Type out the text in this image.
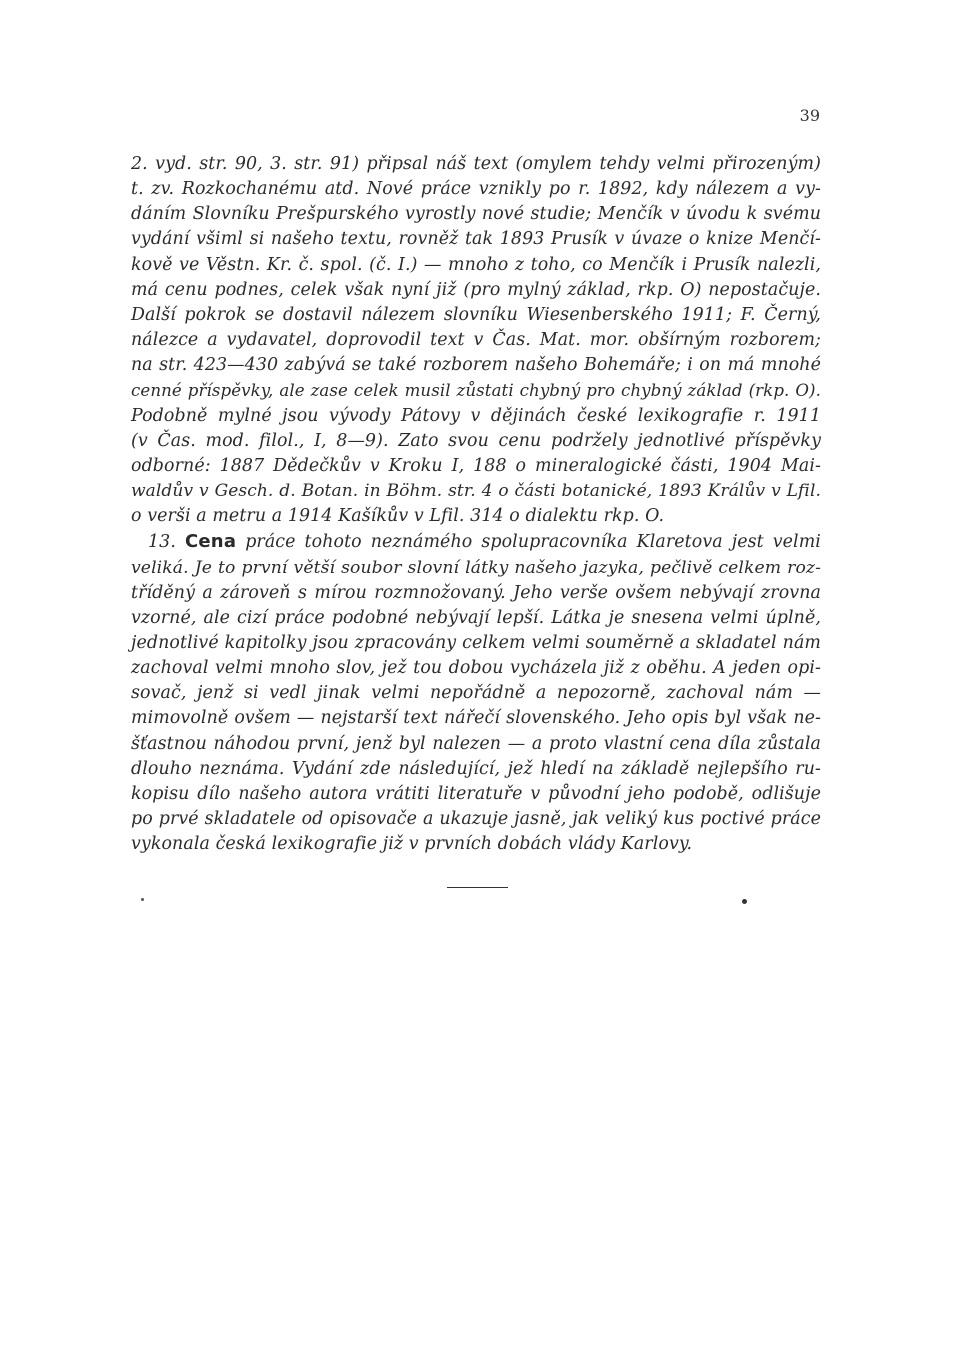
39
2. vyd. str. 90, 3. str. 91) připsal náš text (omylem tehdy velmi přirozeným)
t. zv. Rozkochanému atd. Nové práce vznikly po r. 1892, kdy nálezem a vy-
dáním Slovníku Prešpurského vyrostly nové studie; Menčík v úvodu k svému
vydání všiml si našeho textu, rovněž tak 1893 Prusík v úvaze o knize Menčí-
kově ve Věstn. Kr. č. spol. (č. I.) — mnoho z toho, co Menčík i Prusík nalezli,
má cenu podnes, celek však nyní již (pro mylný základ, rkp. O) nepostačuje.
Další pokrok se dostavil nálezem slovníku Wiesenberského 1911; F. Černý,
nálezce a vydavatel, doprovodil text v Čas. Mat. mor. obšírným rozborem;
na str. 423—430 zabývá se také rozborem našeho Bohemáře; i on má mnohé
cenné příspěvky, ale zase celek musil zůstati chybný pro chybný základ (rkp. O).
Podobně mylné jsou vývody Pátovy v dějinách české lexikografie r. 1911
(v Čas. mod. filol., I, 8—9). Zato svou cenu podržely jednotlivé příspěvky
odborné: 1887 Dědečkův v Kroku I, 188 o mineralogické části, 1904 Mai-
waldův v Gesch. d. Botan. in Böhm. str. 4 o části botanické, 1893 Králův v Lfil.
o verši a metru a 1914 Kašíkův v Lfil. 314 o dialektu rkp. O.
13. Cena práce tohoto neznámého spolupracovníka Klaretova jest velmi
veliká. Je to první větší soubor slovní látky našeho jazyka, pečlivě celkem roz-
tříděný a zároveň s mírou rozmnožovaný. Jeho verše ovšem nebývají zrovna
vzorné, ale cizí práce podobné nebývají lepší. Látka je snesena velmi úplně,
jednotlivé kapitolky jsou zpracovány celkem velmi souměrně a skladatel nám
zachoval velmi mnoho slov, jež tou dobou vycházela již z oběhu. A jeden opi-
sovač, jenž si vedl jinak velmi nepořádně a nepozorně, zachoval nám —
mimovolně ovšem — nejstarší text nářečí slovenského. Jeho opis byl však ne-
šťastnou náhodou první, jenž byl nalezen — a proto vlastní cena díla zůstala
dlouho neznáma. Vydání zde následující, jež hledí na základě nejlepšího ru-
kopisu dílo našeho autora vrátiti literatuře v původní jeho podobě, odlišuje
po prvé skladatele od opisovače a ukazuje jasně, jak veliký kus poctivé práce
vykonala česká lexikografie již v prvních dobách vlády Karlovy.
